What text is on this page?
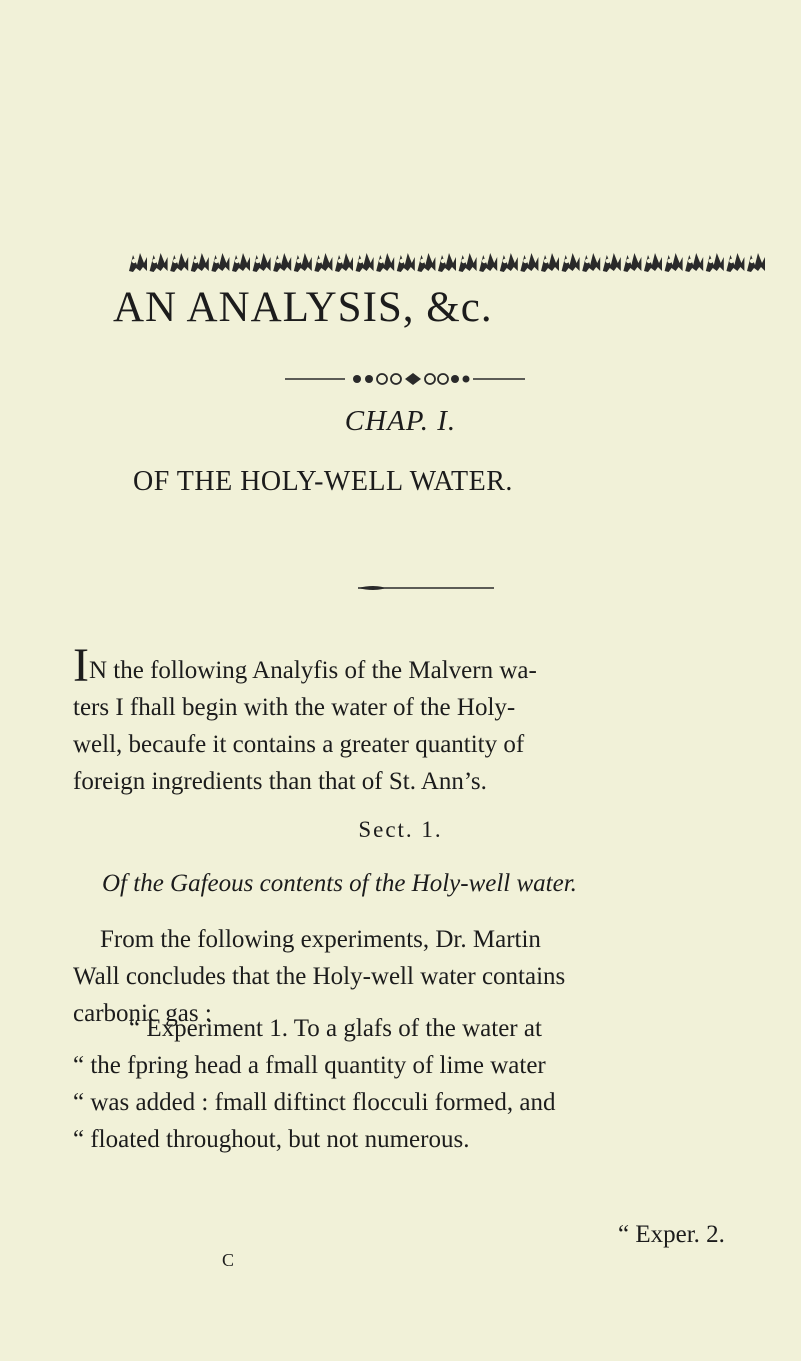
AN ANALYSIS, &c.
CHAP. I.
OF THE HOLY-WELL WATER.

IN the following Analyfis of the Malvern wa-
ters I fhall begin with the water of the Holy-
well, becaufe it contains a greater quantity of
foreign ingredients than that of St. Ann’s.

Sect. 1.
Of the Gafeous contents of the Holy-well water.

From the following experiments, Dr. Martin
Wall concludes that the Holy-well water contains
carbonic gas :

“ Experiment 1. To a glafs of the water at
“ the fpring head a fmall quantity of lime water
“ was added : fmall diftinct flocculi formed, and
“ floated throughout, but not numerous.

“ Exper. 2.
C
